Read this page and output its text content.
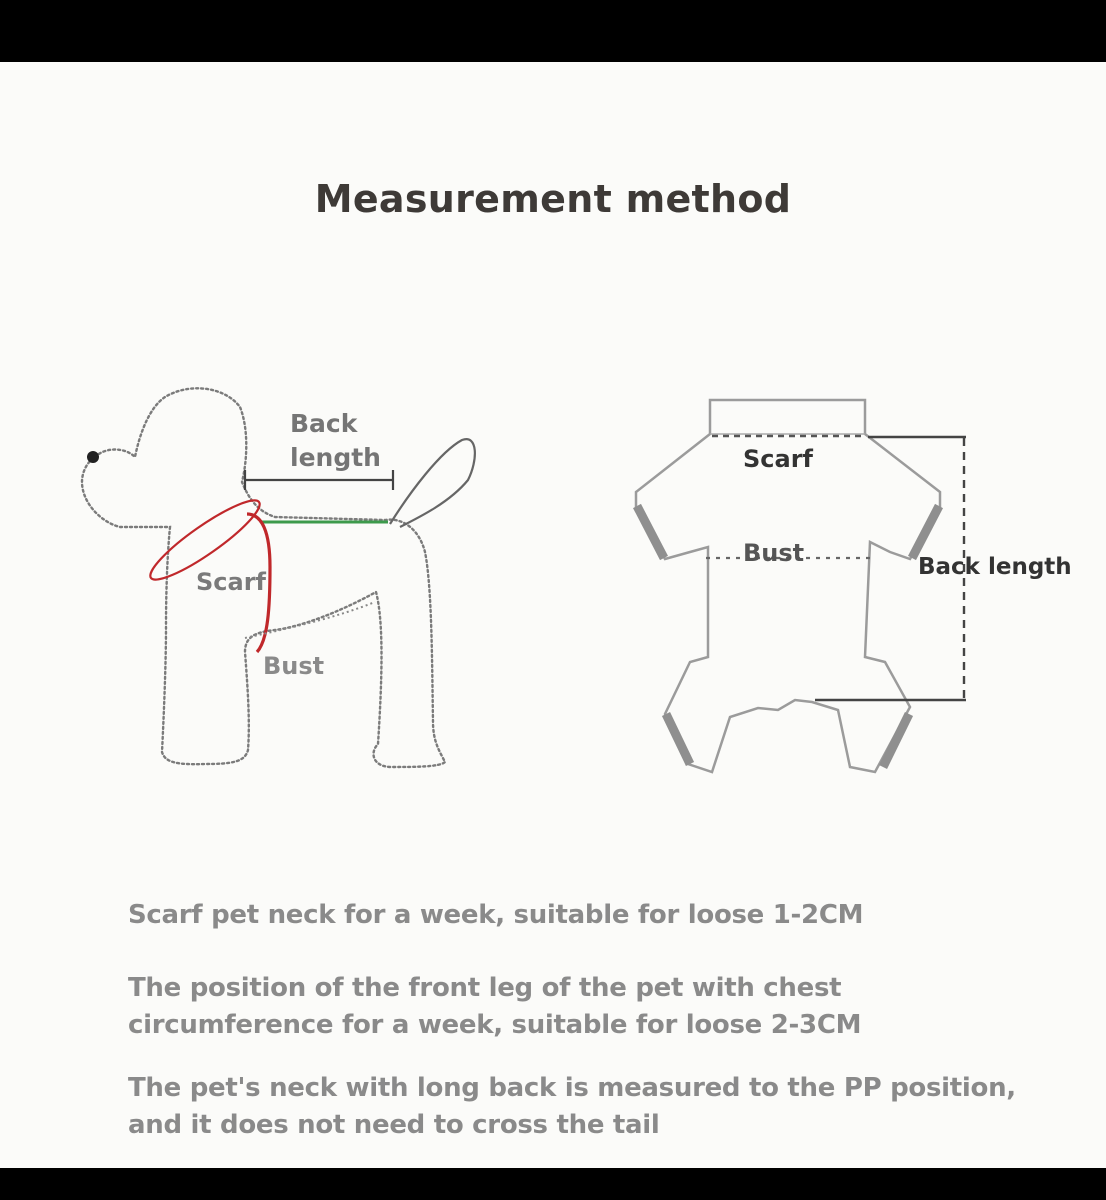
Measurement method
Back
length
Scarf
Bust
Scarf
Bust	Back length
Scarf pet neck for a week, suitable for loose 1-2CM
The position of the front leg of the pet with chest circumference for a week, suitable for loose 2-3CM
The pet's neck with long back is measured to the PP position, and it does not need to cross the tail
